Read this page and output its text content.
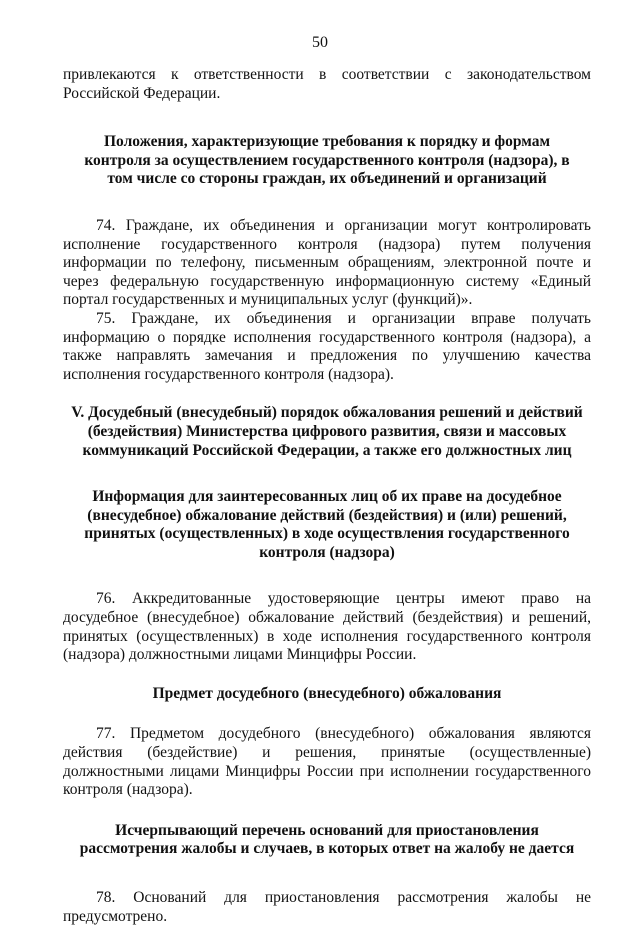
50

привлекаются к ответственности в соответствии с законодательством Российской Федерации.

Положения, характеризующие требования к порядку и формам контроля за осуществлением государственного контроля (надзора), в том числе со стороны граждан, их объединений и организаций

74. Граждане, их объединения и организации могут контролировать исполнение государственного контроля (надзора) путем получения информации по телефону, письменным обращениям, электронной почте и через федеральную государственную информационную систему «Единый портал государственных и муниципальных услуг (функций)».

75. Граждане, их объединения и организации вправе получать информацию о порядке исполнения государственного контроля (надзора), а также направлять замечания и предложения по улучшению качества исполнения государственного контроля (надзора).

V. Досудебный (внесудебный) порядок обжалования решений и действий (бездействия) Министерства цифрового развития, связи и массовых коммуникаций Российской Федерации, а также его должностных лиц

Информация для заинтересованных лиц об их праве на досудебное (внесудебное) обжалование действий (бездействия) и (или) решений, принятых (осуществленных) в ходе осуществления государственного контроля (надзора)

76. Аккредитованные удостоверяющие центры имеют право на досудебное (внесудебное) обжалование действий (бездействия) и решений, принятых (осуществленных) в ходе исполнения государственного контроля (надзора) должностными лицами Минцифры России.

Предмет досудебного (внесудебного) обжалования

77. Предметом досудебного (внесудебного) обжалования являются действия (бездействие) и решения, принятые (осуществленные) должностными лицами Минцифры России при исполнении государственного контроля (надзора).

Исчерпывающий перечень оснований для приостановления рассмотрения жалобы и случаев, в которых ответ на жалобу не дается

78. Оснований для приостановления рассмотрения жалобы не предусмотрено.
